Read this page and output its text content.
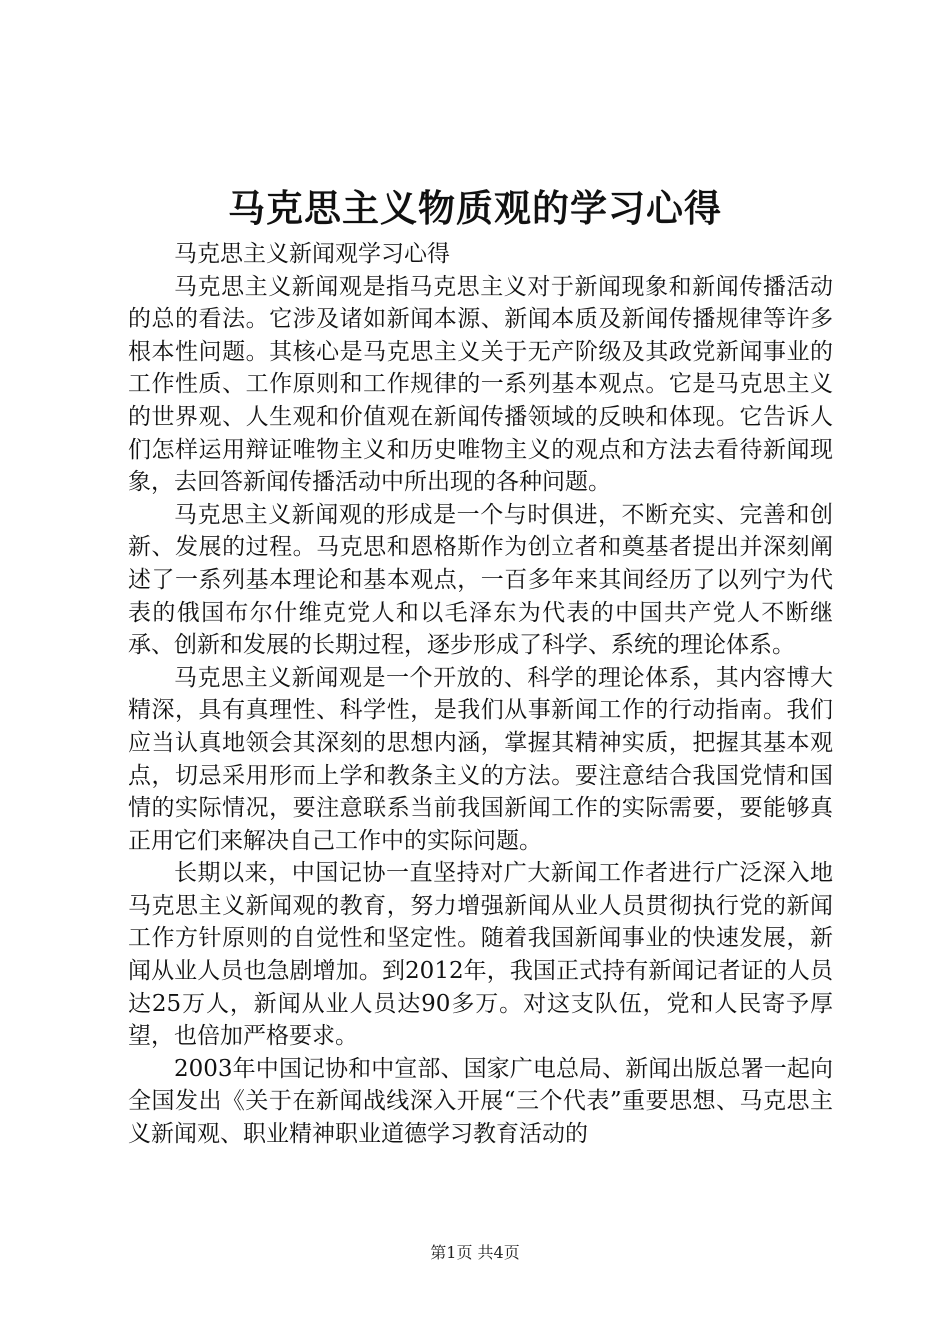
马克思主义物质观的学习心得

马克思主义新闻观学习心得

马克思主义新闻观是指马克思主义对于新闻现象和新闻传播活动的总的看法。它涉及诸如新闻本源、新闻本质及新闻传播规律等许多根本性问题。其核心是马克思主义关于无产阶级及其政党新闻事业的工作性质、工作原则和工作规律的一系列基本观点。它是马克思主义的世界观、人生观和价值观在新闻传播领域的反映和体现。它告诉人们怎样运用辩证唯物主义和历史唯物主义的观点和方法去看待新闻现象，去回答新闻传播活动中所出现的各种问题。

马克思主义新闻观的形成是一个与时俱进，不断充实、完善和创新、发展的过程。马克思和恩格斯作为创立者和奠基者提出并深刻阐述了一系列基本理论和基本观点，一百多年来其间经历了以列宁为代表的俄国布尔什维克党人和以毛泽东为代表的中国共产党人不断继承、创新和发展的长期过程，逐步形成了科学、系统的理论体系。

马克思主义新闻观是一个开放的、科学的理论体系，其内容博大精深，具有真理性、科学性，是我们从事新闻工作的行动指南。我们应当认真地领会其深刻的思想内涵，掌握其精神实质，把握其基本观点，切忌采用形而上学和教条主义的方法。要注意结合我国党情和国情的实际情况，要注意联系当前我国新闻工作的实际需要，要能够真正用它们来解决自己工作中的实际问题。

长期以来，中国记协一直坚持对广大新闻工作者进行广泛深入地马克思主义新闻观的教育，努力增强新闻从业人员贯彻执行党的新闻工作方针原则的自觉性和坚定性。随着我国新闻事业的快速发展，新闻从业人员也急剧增加。到2012年，我国正式持有新闻记者证的人员达25万人，新闻从业人员达90多万。对这支队伍，党和人民寄予厚望，也倍加严格要求。

2003年中国记协和中宣部、国家广电总局、新闻出版总署一起向全国发出《关于在新闻战线深入开展“三个代表”重要思想、马克思主义新闻观、职业精神职业道德学习教育活动的

第1页 共4页
